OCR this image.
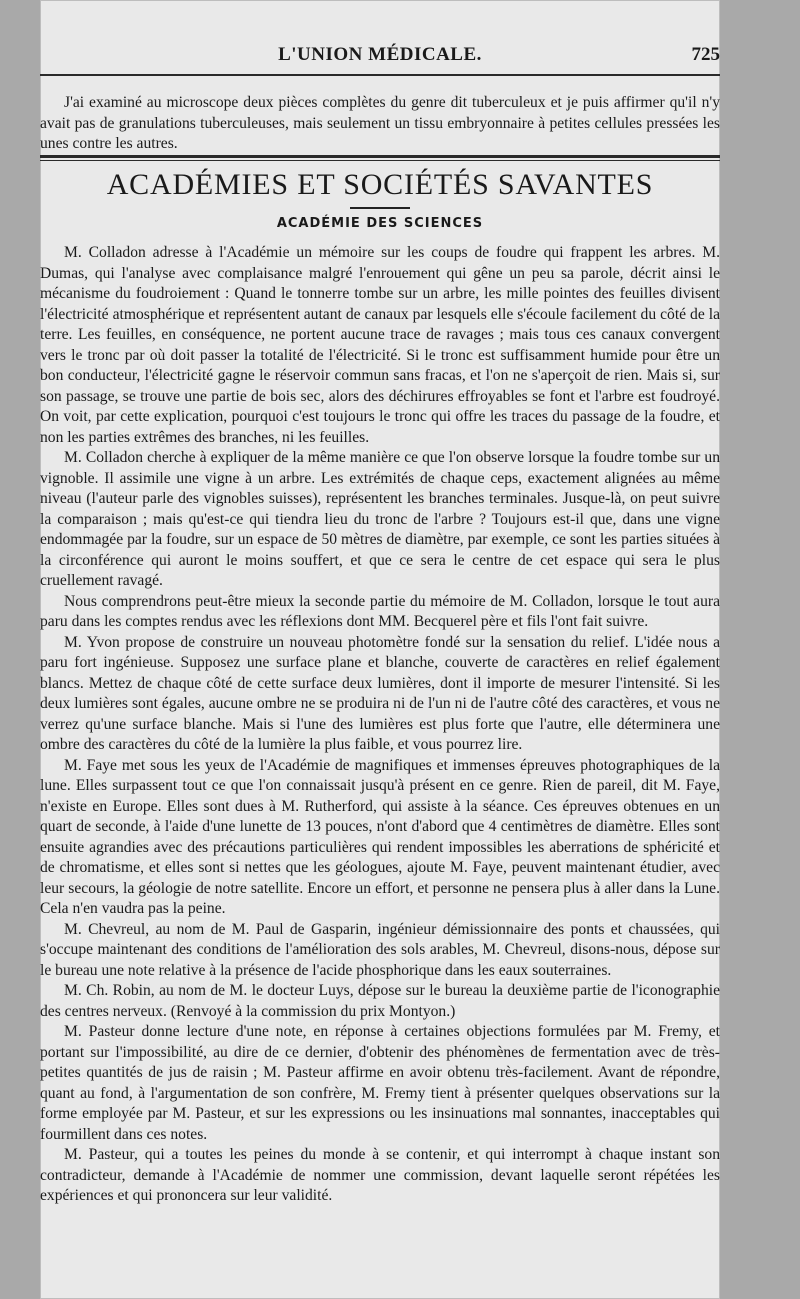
L'UNION MÉDICALE.	725

J'ai examiné au microscope deux pièces complètes du genre dit tuberculeux et je puis affirmer qu'il n'y avait pas de granulations tuberculeuses, mais seulement un tissu embryonnaire à petites cellules pressées les unes contre les autres.

ACADÉMIES ET SOCIÉTÉS SAVANTES
ACADÉMIE DES SCIENCES

M. Colladon adresse à l'Académie un mémoire sur les coups de foudre qui frappent les arbres. M. Dumas, qui l'analyse avec complaisance malgré l'enrouement qui gêne un peu sa parole, décrit ainsi le mécanisme du foudroiement : Quand le tonnerre tombe sur un arbre, les mille pointes des feuilles divisent l'électricité atmosphérique et représentent autant de canaux par lesquels elle s'écoule facilement du côté de la terre. Les feuilles, en conséquence, ne portent aucune trace de ravages ; mais tous ces canaux convergent vers le tronc par où doit passer la totalité de l'électricité. Si le tronc est suffisamment humide pour être un bon conducteur, l'électricité gagne le réservoir commun sans fracas, et l'on ne s'aperçoit de rien. Mais si, sur son passage, se trouve une partie de bois sec, alors des déchirures effroyables se font et l'arbre est foudroyé. On voit, par cette explication, pourquoi c'est toujours le tronc qui offre les traces du passage de la foudre, et non les parties extrêmes des branches, ni les feuilles.

M. Colladon cherche à expliquer de la même manière ce que l'on observe lorsque la foudre tombe sur un vignoble. Il assimile une vigne à un arbre. Les extrémités de chaque ceps, exactement alignées au même niveau (l'auteur parle des vignobles suisses), représentent les branches terminales. Jusque-là, on peut suivre la comparaison ; mais qu'est-ce qui tiendra lieu du tronc de l'arbre ? Toujours est-il que, dans une vigne endommagée par la foudre, sur un espace de 50 mètres de diamètre, par exemple, ce sont les parties situées à la circonférence qui auront le moins souffert, et que ce sera le centre de cet espace qui sera le plus cruellement ravagé.

Nous comprendrons peut-être mieux la seconde partie du mémoire de M. Colladon, lorsque le tout aura paru dans les comptes rendus avec les réflexions dont MM. Becquerel père et fils l'ont fait suivre.

M. Yvon propose de construire un nouveau photomètre fondé sur la sensation du relief. L'idée nous a paru fort ingénieuse. Supposez une surface plane et blanche, couverte de caractères en relief également blancs. Mettez de chaque côté de cette surface deux lumières, dont il importe de mesurer l'intensité. Si les deux lumières sont égales, aucune ombre ne se produira ni de l'un ni de l'autre côté des caractères, et vous ne verrez qu'une surface blanche. Mais si l'une des lumières est plus forte que l'autre, elle déterminera une ombre des caractères du côté de la lumière la plus faible, et vous pourrez lire.

M. Faye met sous les yeux de l'Académie de magnifiques et immenses épreuves photographiques de la lune. Elles surpassent tout ce que l'on connaissait jusqu'à présent en ce genre. Rien de pareil, dit M. Faye, n'existe en Europe. Elles sont dues à M. Rutherford, qui assiste à la séance. Ces épreuves obtenues en un quart de seconde, à l'aide d'une lunette de 13 pouces, n'ont d'abord que 4 centimètres de diamètre. Elles sont ensuite agrandies avec des précautions particulières qui rendent impossibles les aberrations de sphéricité et de chromatisme, et elles sont si nettes que les géologues, ajoute M. Faye, peuvent maintenant étudier, avec leur secours, la géologie de notre satellite. Encore un effort, et personne ne pensera plus à aller dans la Lune. Cela n'en vaudra pas la peine.

M. Chevreul, au nom de M. Paul de Gasparin, ingénieur démissionnaire des ponts et chaussées, qui s'occupe maintenant des conditions de l'amélioration des sols arables, M. Chevreul, disons-nous, dépose sur le bureau une note relative à la présence de l'acide phosphorique dans les eaux souterraines.

M. Ch. Robin, au nom de M. le docteur Luys, dépose sur le bureau la deuxième partie de l'iconographie des centres nerveux. (Renvoyé à la commission du prix Montyon.)

M. Pasteur donne lecture d'une note, en réponse à certaines objections formulées par M. Fremy, et portant sur l'impossibilité, au dire de ce dernier, d'obtenir des phénomènes de fermentation avec de très-petites quantités de jus de raisin ; M. Pasteur affirme en avoir obtenu très-facilement. Avant de répondre, quant au fond, à l'argumentation de son confrère, M. Fremy tient à présenter quelques observations sur la forme employée par M. Pasteur, et sur les expressions ou les insinuations mal sonnantes, inacceptables qui fourmillent dans ces notes.

M. Pasteur, qui a toutes les peines du monde à se contenir, et qui interrompt à chaque instant son contradicteur, demande à l'Académie de nommer une commission, devant laquelle seront répétées les expériences et qui prononcera sur leur validité.
